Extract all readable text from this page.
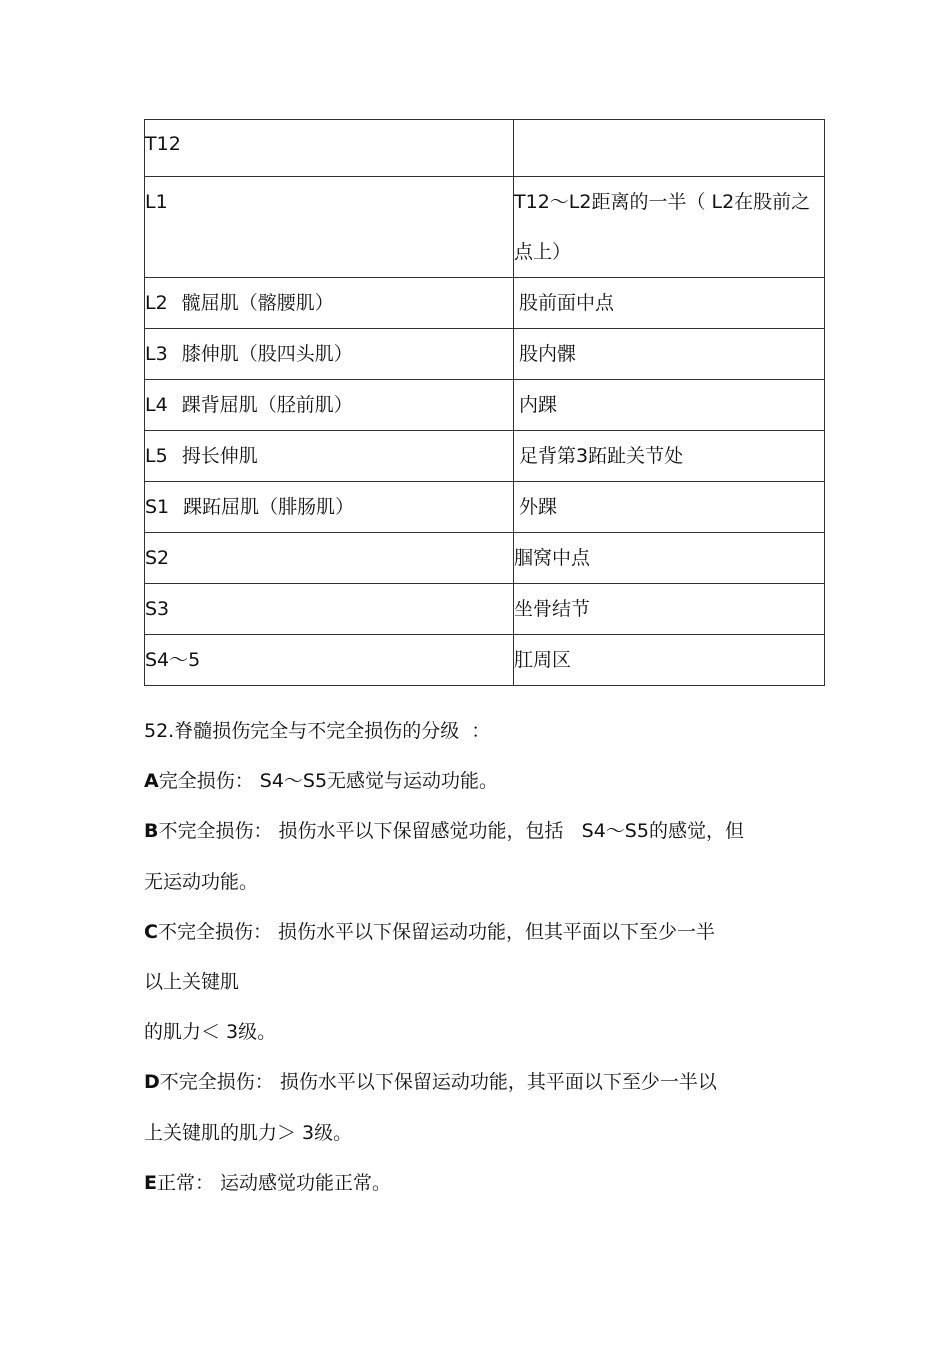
T12	

L1	T12～L2距离的一半（ L2在股前之点上）

L2 髋屈肌（髂腰肌）	股前面中点

L3 膝伸肌（股四头肌）	股内髁

L4 踝背屈肌（胫前肌）	内踝

L5 拇长伸肌	足背第3跖趾关节处

S1 踝跖屈肌（腓肠肌）	外踝

S2	腘窝中点

S3	坐骨结节

S4～5	肛周区

52.脊髓损伤完全与不完全损伤的分级  ：

A完全损伤： S4～S5无感觉与运动功能。

B不完全损伤： 损伤水平以下保留感觉功能，包括   S4～S5的感觉，但

无运动功能。

C不完全损伤： 损伤水平以下保留运动功能，但其平面以下至少一半

以上关键肌

的肌力＜ 3级。

D不完全损伤： 损伤水平以下保留运动功能，其平面以下至少一半以

上关键肌的肌力＞ 3级。

E正常： 运动感觉功能正常。
